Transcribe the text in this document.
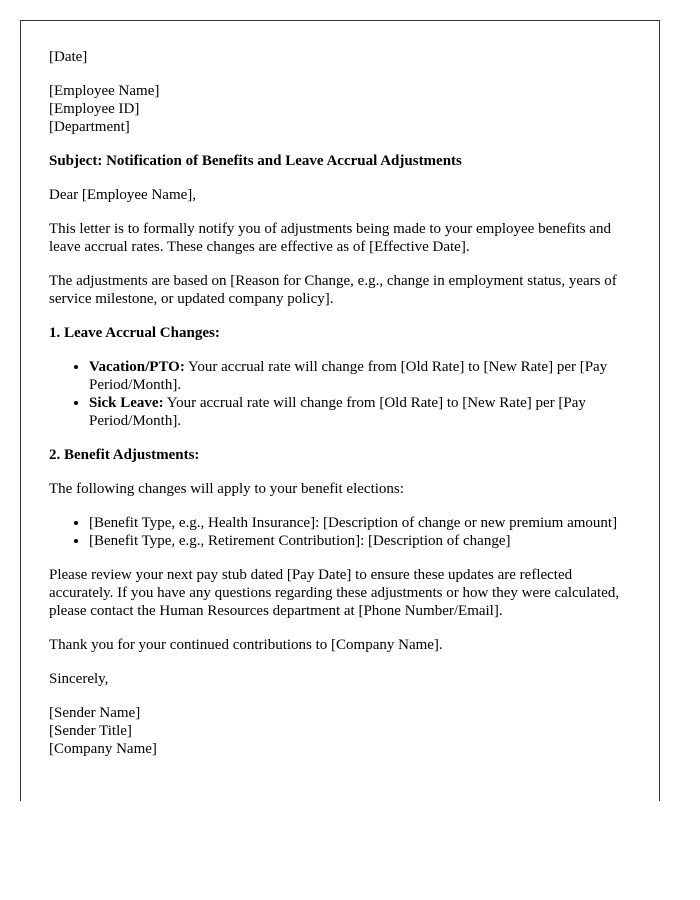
[Date]

[Employee Name]
[Employee ID]
[Department]

Subject: Notification of Benefits and Leave Accrual Adjustments

Dear [Employee Name],

This letter is to formally notify you of adjustments being made to your employee benefits and leave accrual rates. These changes are effective as of [Effective Date].

The adjustments are based on [Reason for Change, e.g., change in employment status, years of service milestone, or updated company policy].

1. Leave Accrual Changes:

• Vacation/PTO: Your accrual rate will change from [Old Rate] to [New Rate] per [Pay Period/Month].
• Sick Leave: Your accrual rate will change from [Old Rate] to [New Rate] per [Pay Period/Month].

2. Benefit Adjustments:

The following changes will apply to your benefit elections:

• [Benefit Type, e.g., Health Insurance]: [Description of change or new premium amount]
• [Benefit Type, e.g., Retirement Contribution]: [Description of change]

Please review your next pay stub dated [Pay Date] to ensure these updates are reflected accurately. If you have any questions regarding these adjustments or how they were calculated, please contact the Human Resources department at [Phone Number/Email].

Thank you for your continued contributions to [Company Name].

Sincerely,

[Sender Name]
[Sender Title]
[Company Name]
